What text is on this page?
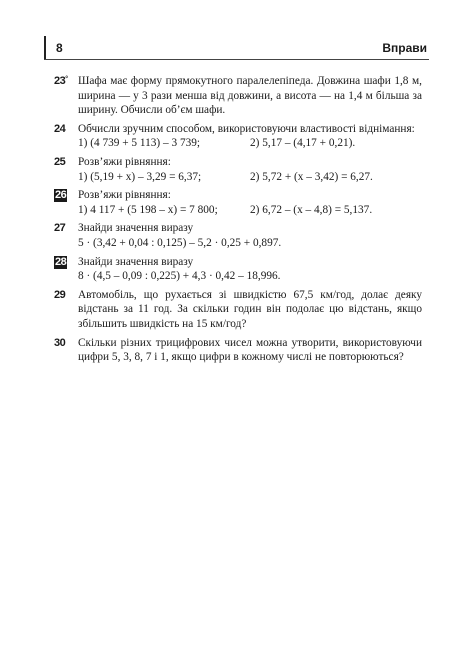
8	Вправи
23° Шафа має форму прямокутного паралелепіпеда. Довжина шафи 1,8 м, ширина — у 3 рази менша від довжини, а висота — на 1,4 м більша за ширину. Обчисли об’єм шафи.
24 Обчисли зручним способом, використовуючи властивості віднімання:
1) (4 739 + 5 113) – 3 739;	2) 5,17 – (4,17 + 0,21).
25 Розв’яжи рівняння:
1) (5,19 + x) – 3,29 = 6,37;	2) 5,72 + (x – 3,42) = 6,27.
26 Розв’яжи рівняння:
1) 4 117 + (5 198 – x) = 7 800;	2) 6,72 – (x – 4,8) = 5,137.
27 Знайди значення виразу
5 · (3,42 + 0,04 : 0,125) – 5,2 · 0,25 + 0,897.
28 Знайди значення виразу
8 · (4,5 – 0,09 : 0,225) + 4,3 · 0,42 – 18,996.
29 Автомобіль, що рухається зі швидкістю 67,5 км/год, долає деяку відстань за 11 год. За скільки годин він подолає цю відстань, якщо збільшить швидкість на 15 км/год?
30 Скільки різних трицифрових чисел можна утворити, використовуючи цифри 5, 3, 8, 7 і 1, якщо цифри в кожному числі не повторюються?
